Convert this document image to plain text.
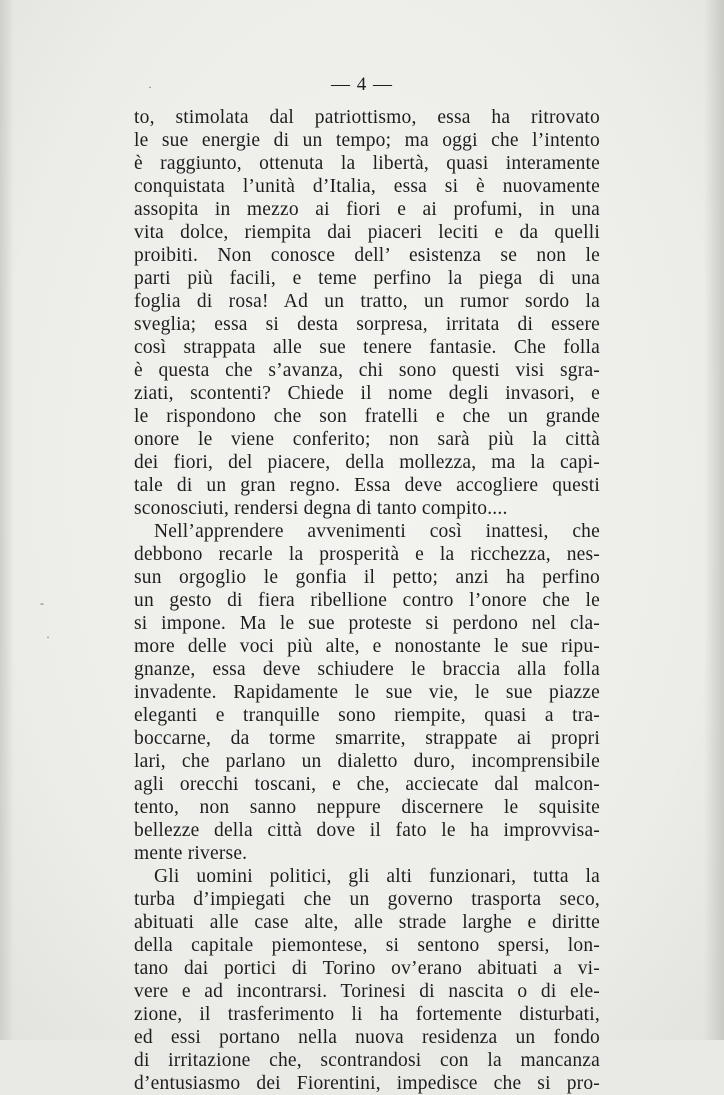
— 4 —
to, stimolata dal patriottismo, essa ha ritrovato
le sue energie di un tempo; ma oggi che l’intento
è raggiunto, ottenuta la libertà, quasi interamente
conquistata l’unità d’Italia, essa si è nuovamente
assopita in mezzo ai fiori e ai profumi, in una
vita dolce, riempita dai piaceri leciti e da quelli
proibiti. Non conosce dell’ esistenza se non le
parti più facili, e teme perfino la piega di una
foglia di rosa! Ad un tratto, un rumor sordo la
sveglia; essa si desta sorpresa, irritata di essere
così strappata alle sue tenere fantasie. Che folla
è questa che s’avanza, chi sono questi visi sgra-
ziati, scontenti? Chiede il nome degli invasori, e
le rispondono che son fratelli e che un grande
onore le viene conferito; non sarà più la città
dei fiori, del piacere, della mollezza, ma la capi-
tale di un gran regno. Essa deve accogliere questi
sconosciuti, rendersi degna di tanto compito....
Nell’apprendere avvenimenti così inattesi, che
debbono recarle la prosperità e la ricchezza, nes-
sun orgoglio le gonfia il petto; anzi ha perfino
un gesto di fiera ribellione contro l’onore che le
si impone. Ma le sue proteste si perdono nel cla-
more delle voci più alte, e nonostante le sue ripu-
gnanze, essa deve schiudere le braccia alla folla
invadente. Rapidamente le sue vie, le sue piazze
eleganti e tranquille sono riempite, quasi a tra-
boccarne, da torme smarrite, strappate ai propri
lari, che parlano un dialetto duro, incomprensibile
agli orecchi toscani, e che, acciecate dal malcon-
tento, non sanno neppure discernere le squisite
bellezze della città dove il fato le ha improvvisa-
mente riverse.
Gli uomini politici, gli alti funzionari, tutta la
turba d’impiegati che un governo trasporta seco,
abituati alle case alte, alle strade larghe e diritte
della capitale piemontese, si sentono spersi, lon-
tano dai portici di Torino ov’erano abituati a vi-
vere e ad incontrarsi. Torinesi di nascita o di ele-
zione, il trasferimento li ha fortemente disturbati,
ed essi portano nella nuova residenza un fondo
di irritazione che, scontrandosi con la mancanza
d’entusiasmo dei Fiorentini, impedisce che si pro-
·
-
·
